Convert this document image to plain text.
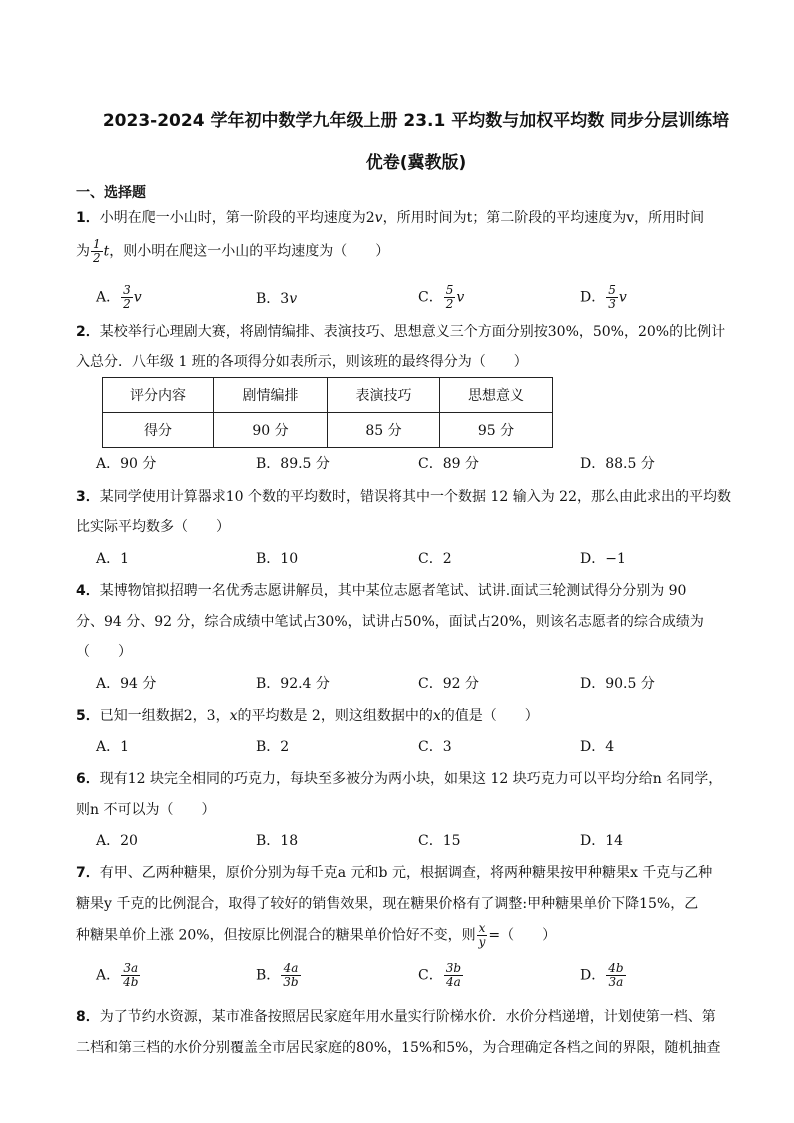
2023-2024 学年初中数学九年级上册 23.1 平均数与加权平均数 同步分层训练培
优卷(冀教版)
一、选择题
1．小明在爬一小山时，第一阶段的平均速度为2v，所用时间为t；第二阶段的平均速度为v，所用时间
为 $\frac{1}{2}$ t，则小明在爬这一小山的平均速度为（　　）
A． $\frac{3}{2}$ v	B．3v	C． $\frac{5}{2}$ v	D． $\frac{5}{3}$ v
2．某校举行心理剧大赛，将剧情编排、表演技巧、思想意义三个方面分别按30%，50%，20%的比例计
入总分．八年级 1 班的各项得分如表所示，则该班的最终得分为（　　）
评分内容	剧情编排	表演技巧	思想意义
得分	90 分	85 分	95 分
A．90 分	B．89.5 分	C．89 分	D．88.5 分
3．某同学使用计算器求10 个数的平均数时，错误将其中一个数据 12 输入为 22，那么由此求出的平均数
比实际平均数多（　　）
A．1	B．10	C．2	D．−1
4．某博物馆拟招聘一名优秀志愿讲解员，其中某位志愿者笔试、试讲.面试三轮测试得分分别为 90
分、94 分、92 分，综合成绩中笔试占30%，试讲占50%，面试占20%，则该名志愿者的综合成绩为
（　　）
A．94 分	B．92.4 分	C．92 分	D．90.5 分
5．已知一组数据2，3，x的平均数是 2，则这组数据中的x的值是（　　）
A．1	B．2	C．3	D．4
6．现有12 块完全相同的巧克力，每块至多被分为两小块，如果这 12 块巧克力可以平均分给n 名同学，
则n 不可以为（　　）
A．20	B．18	C．15	D．14
7．有甲、乙两种糖果，原价分别为每千克a 元和b 元，根据调查，将两种糖果按甲种糖果x 千克与乙种
糖果y 千克的比例混合，取得了较好的销售效果，现在糖果价格有了调整:甲种糖果单价下降15%，乙
种糖果单价上涨 20%，但按原比例混合的糖果单价恰好不变，则 $\frac{x}{y}$ =（　　）
A． $\frac{3a}{4b}$	B． $\frac{4a}{3b}$	C． $\frac{3b}{4a}$	D． $\frac{4b}{3a}$
8．为了节约水资源，某市准备按照居民家庭年用水量实行阶梯水价．水价分档递增，计划使第一档、第
二档和第三档的水价分别覆盖全市居民家庭的80%，15%和5%，为合理确定各档之间的界限，随机抽查
